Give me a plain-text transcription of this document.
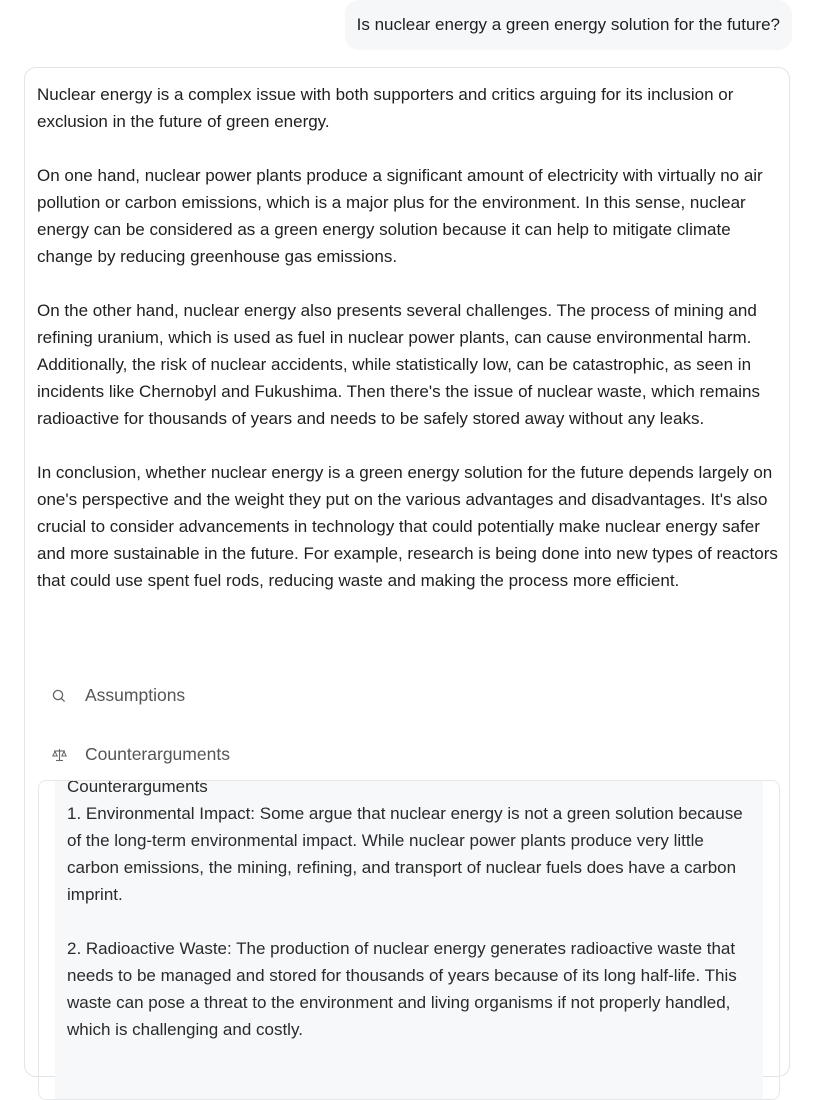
Is nuclear energy a green energy solution for the future?

Nuclear energy is a complex issue with both supporters and critics arguing for its inclusion or exclusion in the future of green energy.

On one hand, nuclear power plants produce a significant amount of electricity with virtually no air pollution or carbon emissions, which is a major plus for the environment. In this sense, nuclear energy can be considered as a green energy solution because it can help to mitigate climate change by reducing greenhouse gas emissions.

On the other hand, nuclear energy also presents several challenges. The process of mining and refining uranium, which is used as fuel in nuclear power plants, can cause environmental harm. Additionally, the risk of nuclear accidents, while statistically low, can be catastrophic, as seen in incidents like Chernobyl and Fukushima. Then there's the issue of nuclear waste, which remains radioactive for thousands of years and needs to be safely stored away without any leaks.

In conclusion, whether nuclear energy is a green energy solution for the future depends largely on one's perspective and the weight they put on the various advantages and disadvantages. It's also crucial to consider advancements in technology that could potentially make nuclear energy safer and more sustainable in the future. For example, research is being done into new types of reactors that could use spent fuel rods, reducing waste and making the process more efficient.

Assumptions
Counterarguments

Counterarguments

1. Environmental Impact: Some argue that nuclear energy is not a green solution because of the long-term environmental impact. While nuclear power plants produce very little carbon emissions, the mining, refining, and transport of nuclear fuels does have a carbon imprint.

2. Radioactive Waste: The production of nuclear energy generates radioactive waste that needs to be managed and stored for thousands of years because of its long half-life. This waste can pose a threat to the environment and living organisms if not properly handled, which is challenging and costly.
